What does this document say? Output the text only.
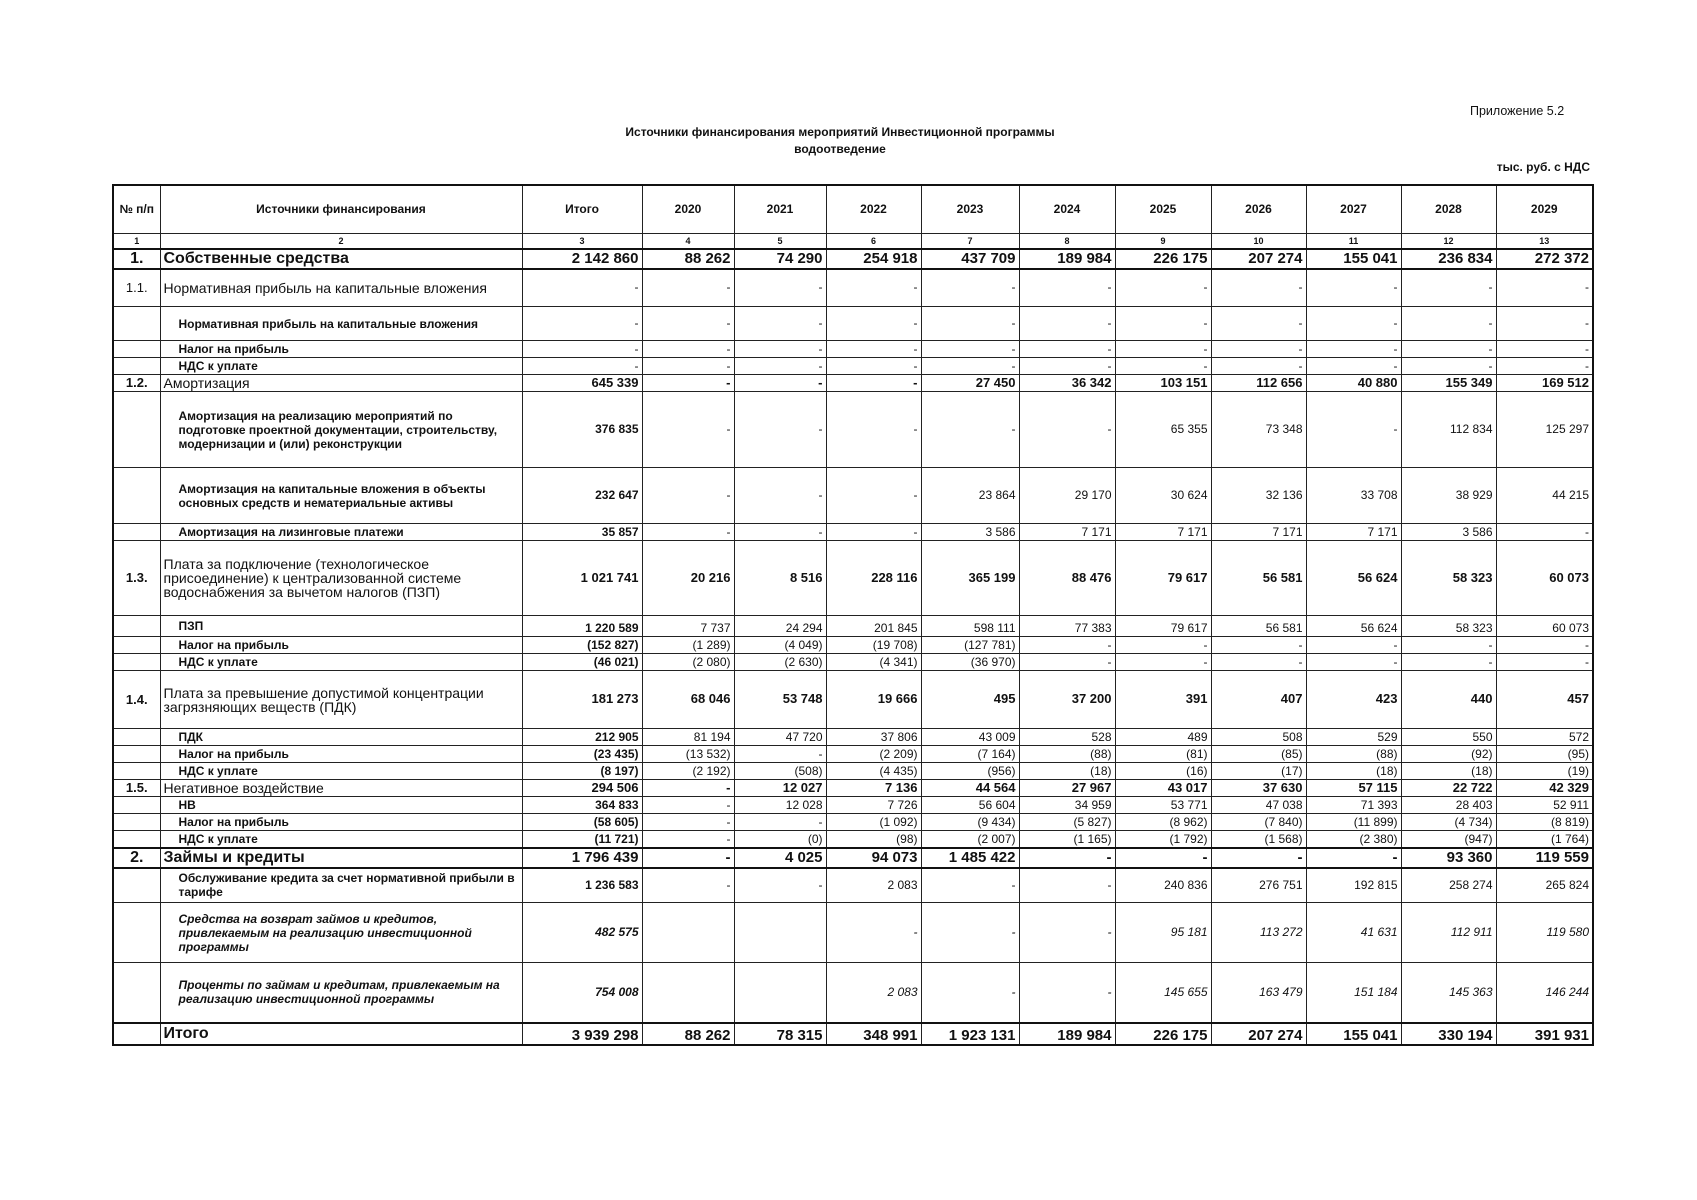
Приложение 5.2
Источники финансирования мероприятий Инвестиционной программы
водоотведение
тыс. руб. с НДС
№ п/п	Источники финансирования	Итого	2020	2021	2022	2023	2024	2025	2026	2027	2028	2029
1	2	3	4	5	6	7	8	9	10	11	12	13
1.	Собственные средства	2 142 860	88 262	74 290	254 918	437 709	189 984	226 175	207 274	155 041	236 834	272 372
1.1.	Нормативная прибыль на капитальные вложения	-	-	-	-	-	-	-	-	-	-	-
	Нормативная прибыль на капитальные вложения	-	-	-	-	-	-	-	-	-	-	-
	Налог на прибыль	-	-	-	-	-	-	-	-	-	-	-
	НДС к уплате	-	-	-	-	-	-	-	-	-	-	-
1.2.	Амортизация	645 339	-	-	-	27 450	36 342	103 151	112 656	40 880	155 349	169 512
	Амортизация на реализацию мероприятий по подготовке проектной документации, строительству, модернизации и (или) реконструкции	376 835	-	-	-	-	-	65 355	73 348	-	112 834	125 297
	Амортизация на капитальные вложения в объекты основных средств и нематериальные активы	232 647	-	-	-	23 864	29 170	30 624	32 136	33 708	38 929	44 215
	Амортизация на лизинговые платежи	35 857	-	-	-	3 586	7 171	7 171	7 171	7 171	3 586	-
1.3.	Плата за подключение (технологическое присоединение) к централизованной системе водоснабжения за вычетом налогов (ПЗП)	1 021 741	20 216	8 516	228 116	365 199	88 476	79 617	56 581	56 624	58 323	60 073
	ПЗП	1 220 589	7 737	24 294	201 845	598 111	77 383	79 617	56 581	56 624	58 323	60 073
	Налог на прибыль	(152 827)	(1 289)	(4 049)	(19 708)	(127 781)	-	-	-	-	-	-
	НДС к уплате	(46 021)	(2 080)	(2 630)	(4 341)	(36 970)	-	-	-	-	-	-
1.4.	Плата за превышение допустимой концентрации загрязняющих веществ (ПДК)	181 273	68 046	53 748	19 666	495	37 200	391	407	423	440	457
	ПДК	212 905	81 194	47 720	37 806	43 009	528	489	508	529	550	572
	Налог на прибыль	(23 435)	(13 532)	-	(2 209)	(7 164)	(88)	(81)	(85)	(88)	(92)	(95)
	НДС к уплате	(8 197)	(2 192)	(508)	(4 435)	(956)	(18)	(16)	(17)	(18)	(18)	(19)
1.5.	Негативное воздействие	294 506	-	12 027	7 136	44 564	27 967	43 017	37 630	57 115	22 722	42 329
	НВ	364 833	-	12 028	7 726	56 604	34 959	53 771	47 038	71 393	28 403	52 911
	Налог на прибыль	(58 605)	-	-	(1 092)	(9 434)	(5 827)	(8 962)	(7 840)	(11 899)	(4 734)	(8 819)
	НДС к уплате	(11 721)	-	(0)	(98)	(2 007)	(1 165)	(1 792)	(1 568)	(2 380)	(947)	(1 764)
2.	Займы и кредиты	1 796 439	-	4 025	94 073	1 485 422	-	-	-	-	93 360	119 559
	Обслуживание кредита за счет нормативной прибыли в тарифе	1 236 583	-	-	2 083	-	-	240 836	276 751	192 815	258 274	265 824
	Средства на возврат займов и кредитов, привлекаемым на реализацию инвестиционной программы	482 575			-	-	-	95 181	113 272	41 631	112 911	119 580
	Проценты по займам и кредитам, привлекаемым на реализацию инвестиционной программы	754 008			2 083	-	-	145 655	163 479	151 184	145 363	146 244
	Итого	3 939 298	88 262	78 315	348 991	1 923 131	189 984	226 175	207 274	155 041	330 194	391 931
